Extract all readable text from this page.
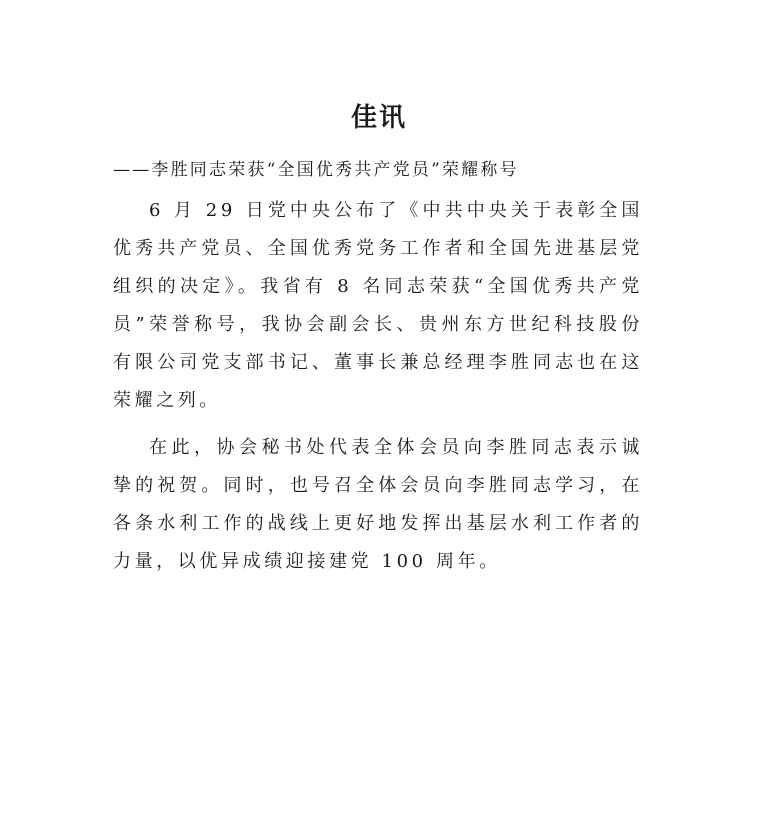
佳讯
——李胜同志荣获“全国优秀共产党员”荣耀称号

6 月 29 日党中央公布了《中共中央关于表彰全国优秀共产党员、全国优秀党务工作者和全国先进基层党组织的决定》。我省有 8 名同志荣获“全国优秀共产党员”荣誉称号，我协会副会长、贵州东方世纪科技股份有限公司党支部书记、董事长兼总经理李胜同志也在这荣耀之列。

在此，协会秘书处代表全体会员向李胜同志表示诚挚的祝贺。同时，也号召全体会员向李胜同志学习，在各条水利工作的战线上更好地发挥出基层水利工作者的力量，以优异成绩迎接建党 100 周年。
